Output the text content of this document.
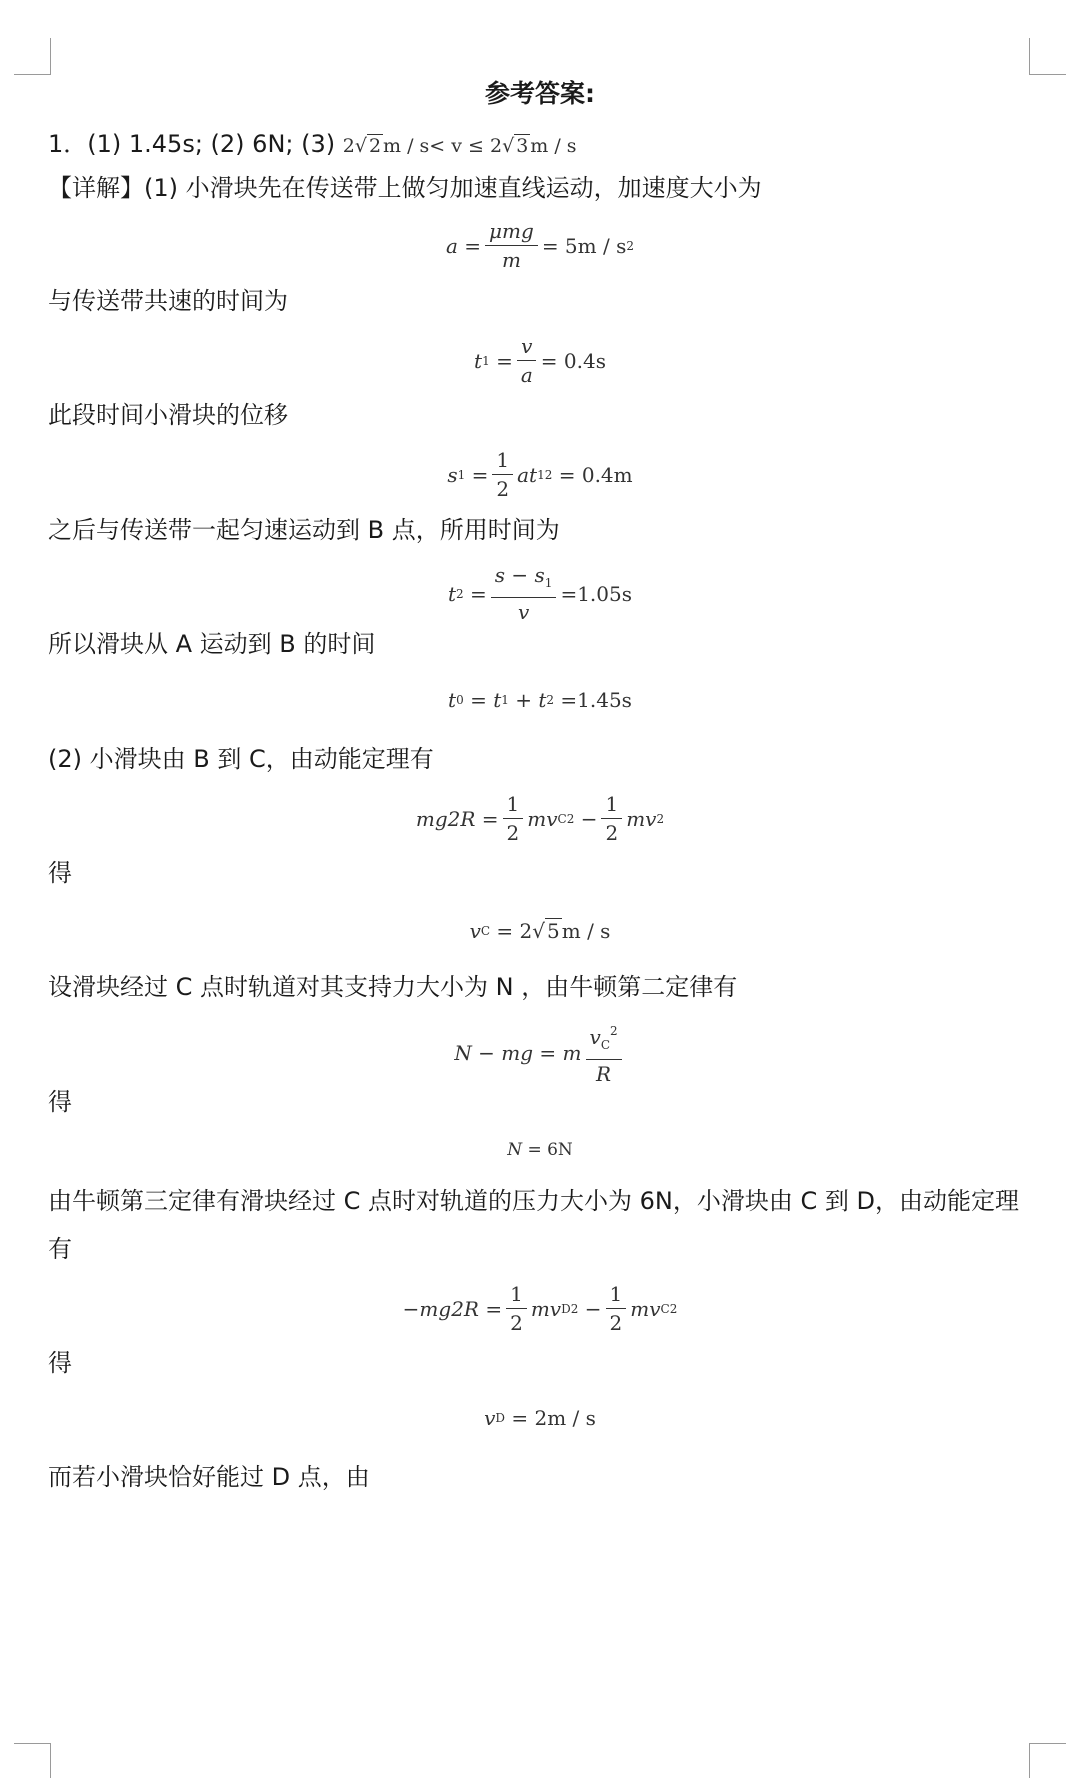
参考答案:
1．(1) 1.45s; (2) 6N; (3) 2√ 2 m / s< v ≤ 2√ 3 m / s
【详解】(1) 小滑块先在传送带上做匀加速直线运动，加速度大小为
$a = \frac{\text{μmg}}{m} = 5m / s$ 2
与传送带共速的时间为
t 1
= $\frac{v}{a} = 0.4s$
此段时间小滑块的位移
s 1
= $\frac{1}{2}$ at 1 2
= 0.4m
之后与传送带一起匀速运动到 B 点，所用时间为
t 2
= $\frac{s - s_1}{v} =1.05s$
所以滑块从 A 运动到 B 的时间
t 0
= t 1
+ t 2
=1.45s
(2) 小滑块由 B 到 C，由动能定理有
$mg2R = \frac{1}{2}$ mv C 2
− $\frac{1}{2}$ mv 2
得
v C
= 2 √ 5 m / s
设滑块经过 C 点时轨道对其支持力大小为 N ，由牛顿第二定律有
N − mg = m $\frac{v_C^2}{R}$
得
N = 6N
由牛顿第三定律有滑块经过 C 点时对轨道的压力大小为 6N，小滑块由 C 到 D，由动能定理
有
$-mg2R = \frac{1}{2}$ mv D 2
− $\frac{1}{2}$ mv C 2
得
v D
= 2m / s
而若小滑块恰好能过 D 点，由
